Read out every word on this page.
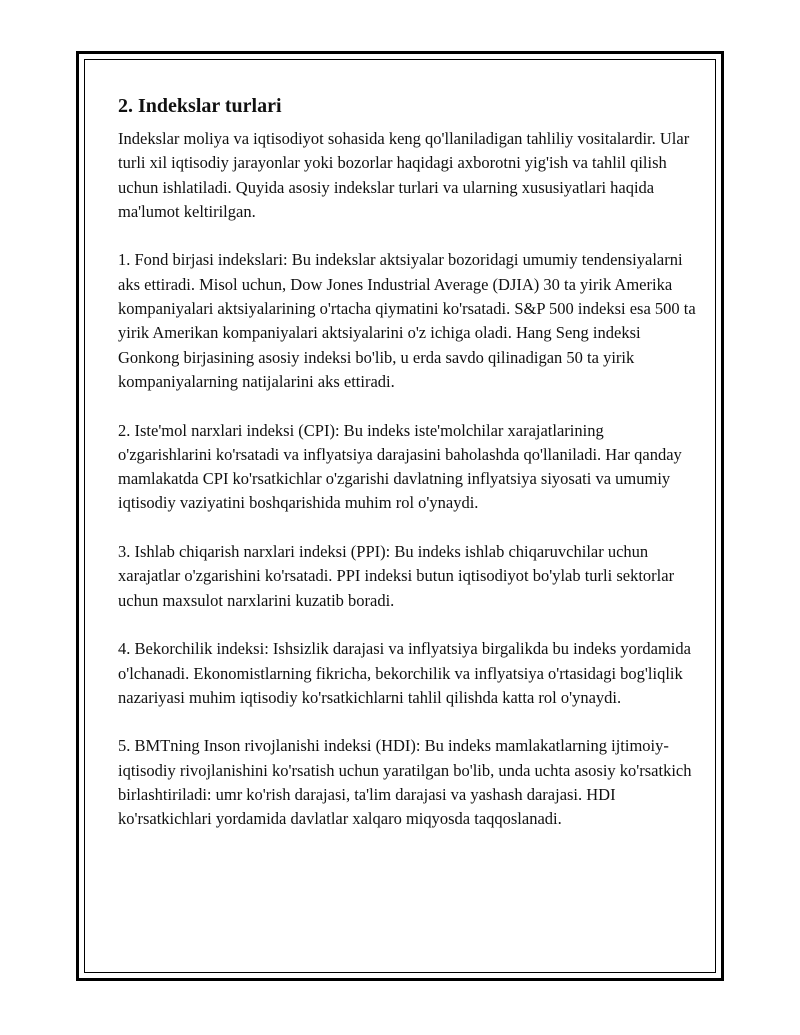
2. Indekslar turlari

Indekslar moliya va iqtisodiyot sohasida keng qo'llaniladigan tahliliy vositalardir. Ular turli xil iqtisodiy jarayonlar yoki bozorlar haqidagi axborotni yig'ish va tahlil qilish uchun ishlatiladi. Quyida asosiy indekslar turlari va ularning xususiyatlari haqida ma'lumot keltirilgan.

1. Fond birjasi indekslari: Bu indekslar aktsiyalar bozoridagi umumiy tendensiyalarni aks ettiradi. Misol uchun, Dow Jones Industrial Average (DJIA) 30 ta yirik Amerika kompaniyalari aktsiyalarining o'rtacha qiymatini ko'rsatadi. S&P 500 indeksi esa 500 ta yirik Amerikan kompaniyalari aktsiyalarini o'z ichiga oladi. Hang Seng indeksi Gonkong birjasining asosiy indeksi bo'lib, u erda savdo qilinadigan 50 ta yirik kompaniyalarning natijalarini aks ettiradi.

2. Iste'mol narxlari indeksi (CPI): Bu indeks iste'molchilar xarajatlarining o'zgarishlarini ko'rsatadi va inflyatsiya darajasini baholashda qo'llaniladi. Har qanday mamlakatda CPI ko'rsatkichlar o'zgarishi davlatning inflyatsiya siyosati va umumiy iqtisodiy vaziyatini boshqarishida muhim rol o'ynaydi.

3. Ishlab chiqarish narxlari indeksi (PPI): Bu indeks ishlab chiqaruvchilar uchun xarajatlar o'zgarishini ko'rsatadi. PPI indeksi butun iqtisodiyot bo'ylab turli sektorlar uchun maxsulot narxlarini kuzatib boradi.

4. Bekorchilik indeksi: Ishsizlik darajasi va inflyatsiya birgalikda bu indeks yordamida o'lchanadi. Ekonomistlarning fikricha, bekorchilik va inflyatsiya o'rtasidagi bog'liqlik nazariyasi muhim iqtisodiy ko'rsatkichlarni tahlil qilishda katta rol o'ynaydi.

5. BMTning Inson rivojlanishi indeksi (HDI): Bu indeks mamlakatlarning ijtimoiy-iqtisodiy rivojlanishini ko'rsatish uchun yaratilgan bo'lib, unda uchta asosiy ko'rsatkich birlashtiriladi: umr ko'rish darajasi, ta'lim darajasi va yashash darajasi. HDI ko'rsatkichlari yordamida davlatlar xalqaro miqyosda taqqoslanadi.
